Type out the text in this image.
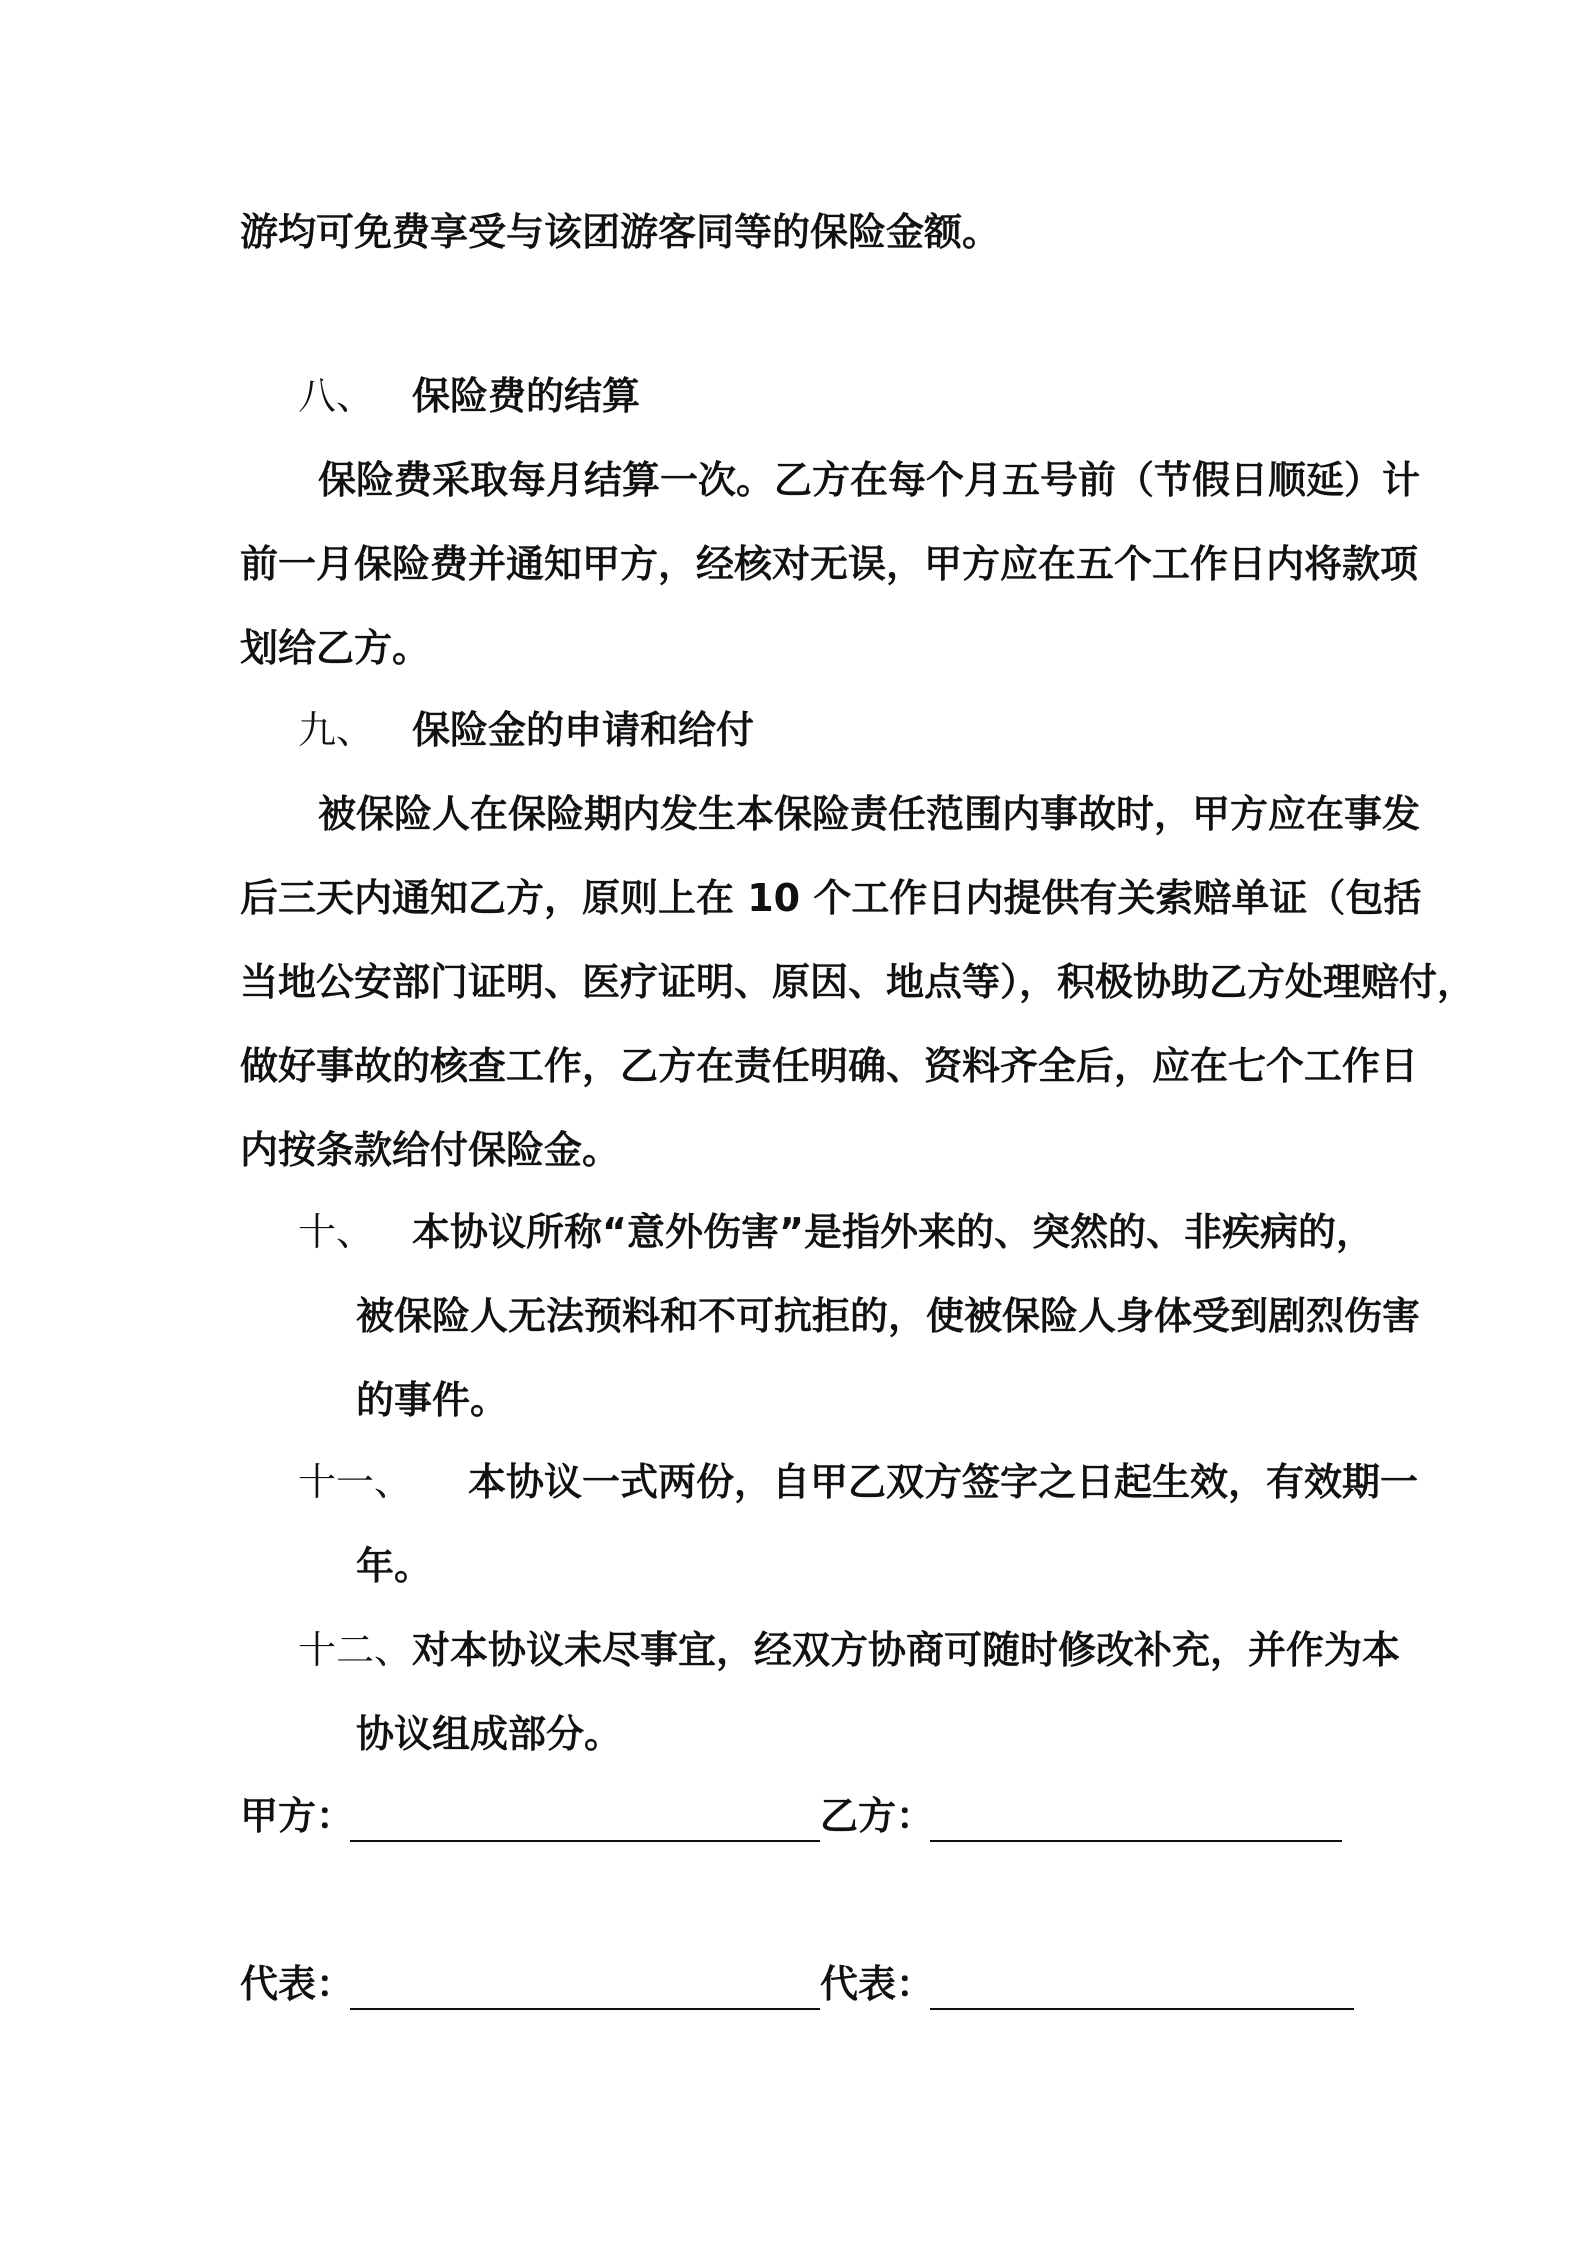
游均可免费享受与该团游客同等的保险金额。
八、 保险费的结算
保险费采取每月结算一次。乙方在每个月五号前（节假日顺延）计
前一月保险费并通知甲方，经核对无误，甲方应在五个工作日内将款项
划给乙方。
九、 保险金的申请和给付
被保险人在保险期内发生本保险责任范围内事故时，甲方应在事发
后三天内通知乙方，原则上在 10 个工作日内提供有关索赔单证（包括
当地公安部门证明、医疗证明、原因、地点等），积极协助乙方处理赔付，
做好事故的核查工作，乙方在责任明确、资料齐全后，应在七个工作日
内按条款给付保险金。
十、 本协议所称“意外伤害”是指外来的、突然的、非疾病的，
被保险人无法预料和不可抗拒的，使被保险人身体受到剧烈伤害
的事件。
十一、 本协议一式两份，自甲乙双方签字之日起生效，有效期一
年。
十二、 对本协议未尽事宜，经双方协商可随时修改补充，并作为本
协议组成部分。
甲方：	乙方：
代表：	代表：
